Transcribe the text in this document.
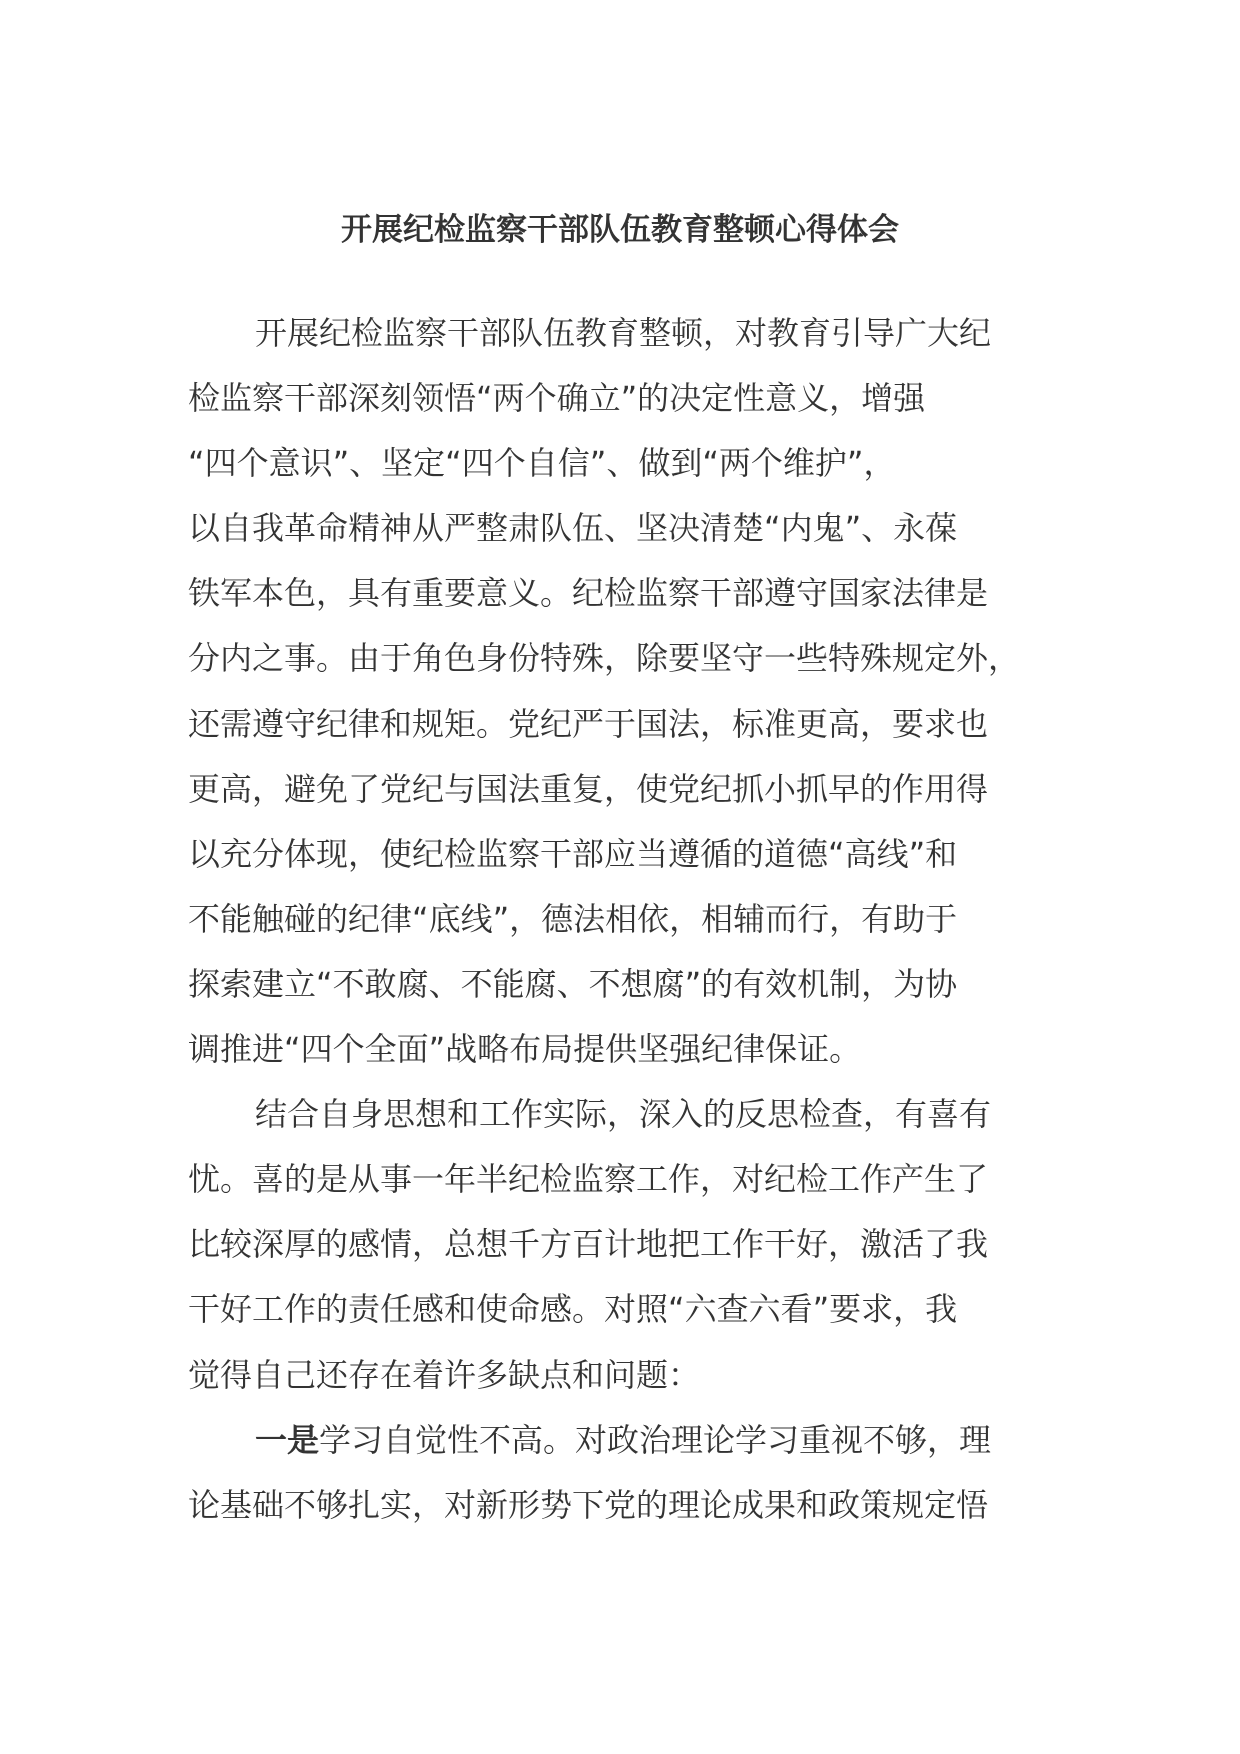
开展纪检监察干部队伍教育整顿心得体会
开展纪检监察干部队伍教育整顿，对教育引导广大纪
检监察干部深刻领悟“两个确立”的决定性意义，增强
“四个意识”、坚定“四个自信”、做到“两个维护”，
以自我革命精神从严整肃队伍、坚决清楚“内鬼”、永葆
铁军本色，具有重要意义。纪检监察干部遵守国家法律是
分内之事。由于角色身份特殊，除要坚守一些特殊规定外，
还需遵守纪律和规矩。党纪严于国法，标准更高，要求也
更高，避免了党纪与国法重复，使党纪抓小抓早的作用得
以充分体现，使纪检监察干部应当遵循的道德“高线”和
不能触碰的纪律“底线”，德法相依，相辅而行，有助于
探索建立“不敢腐、不能腐、不想腐”的有效机制，为协
调推进“四个全面”战略布局提供坚强纪律保证。
结合自身思想和工作实际，深入的反思检查，有喜有
忧。喜的是从事一年半纪检监察工作，对纪检工作产生了
比较深厚的感情，总想千方百计地把工作干好，激活了我
干好工作的责任感和使命感。对照“六查六看”要求，我
觉得自己还存在着许多缺点和问题：
一是学习自觉性不高。对政治理论学习重视不够，理
论基础不够扎实，对新形势下党的理论成果和政策规定悟
